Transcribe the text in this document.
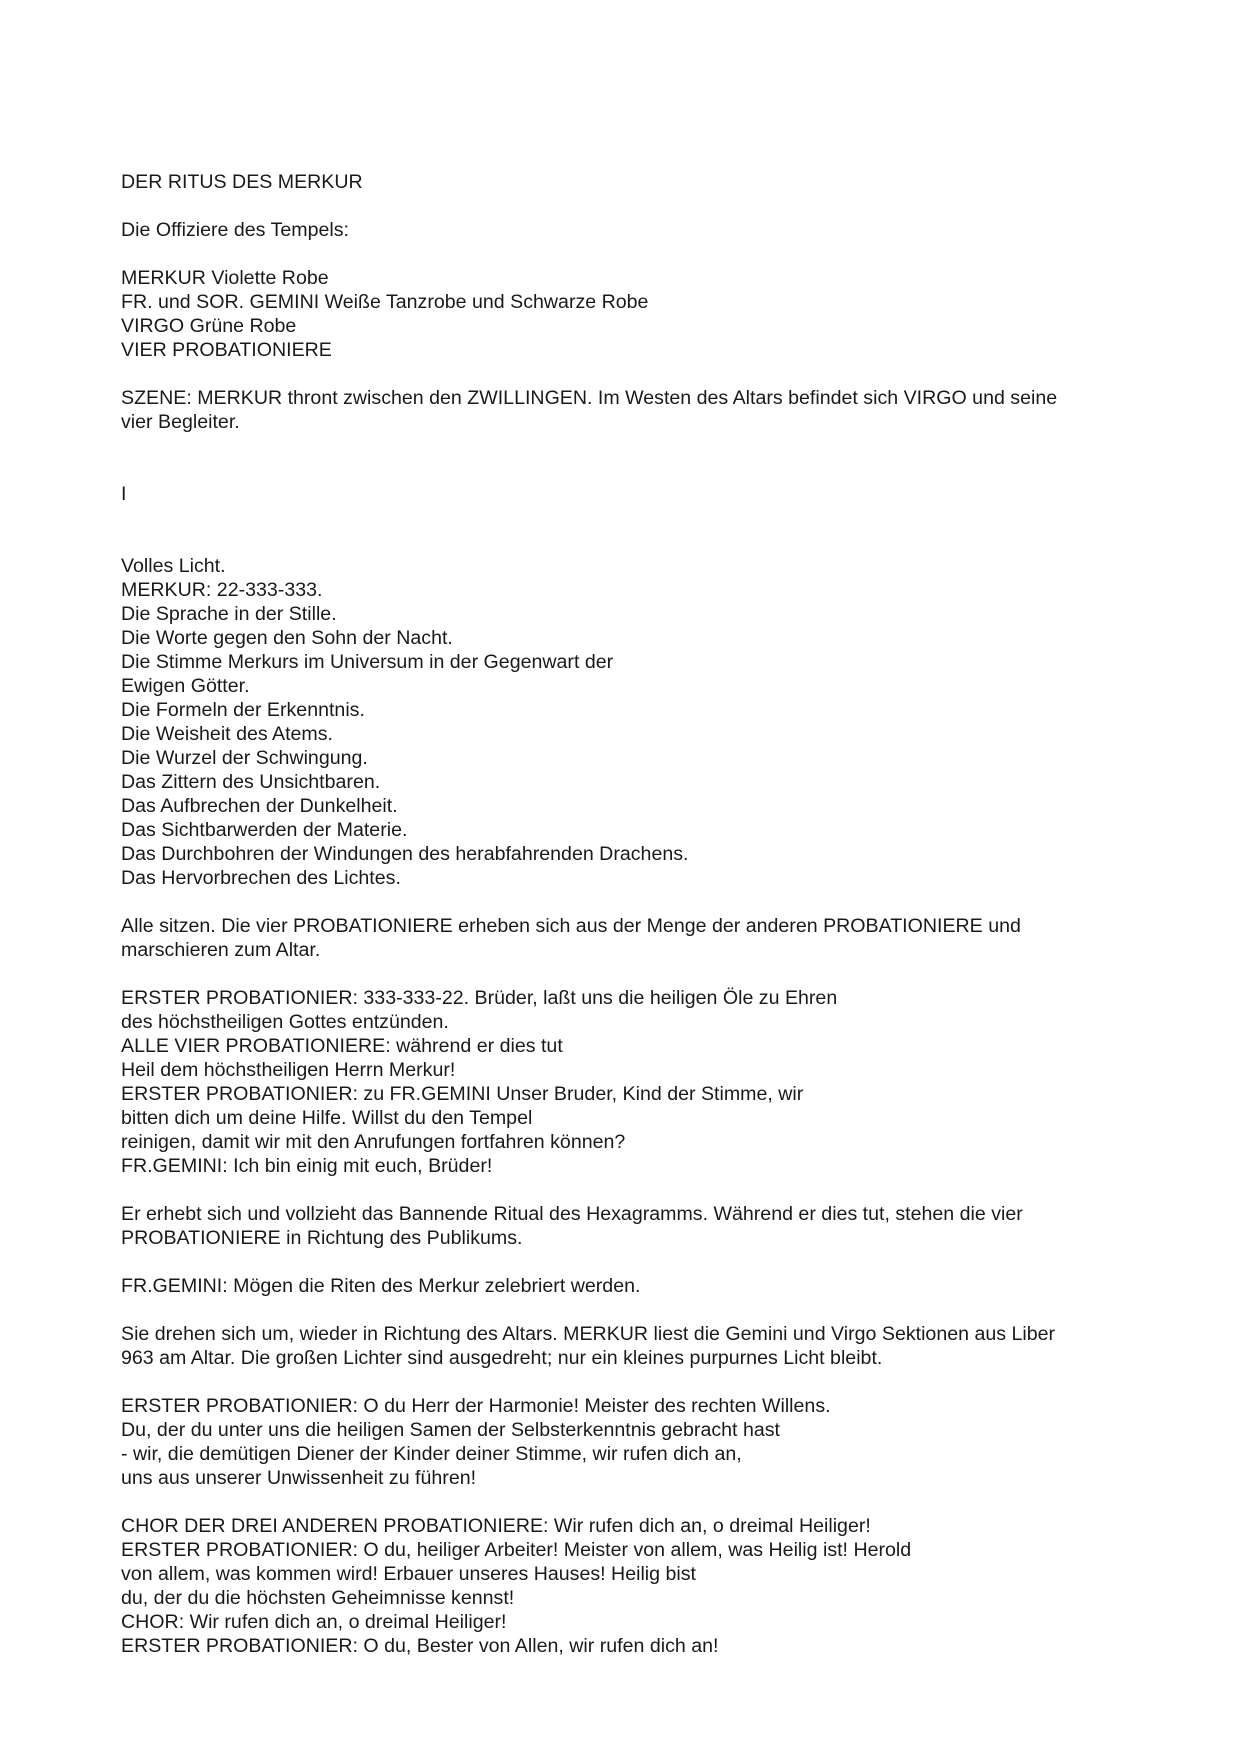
DER RITUS DES MERKUR
Die Offiziere des Tempels:
MERKUR Violette Robe
FR. und SOR. GEMINI Weiße Tanzrobe und Schwarze Robe
VIRGO Grüne Robe
VIER PROBATIONIERE
SZENE: MERKUR thront zwischen den ZWILLINGEN. Im Westen des Altars befindet sich VIRGO und seine
vier Begleiter.
I
Volles Licht.
MERKUR: 22-333-333.
Die Sprache in der Stille.
Die Worte gegen den Sohn der Nacht.
Die Stimme Merkurs im Universum in der Gegenwart der
Ewigen Götter.
Die Formeln der Erkenntnis.
Die Weisheit des Atems.
Die Wurzel der Schwingung.
Das Zittern des Unsichtbaren.
Das Aufbrechen der Dunkelheit.
Das Sichtbarwerden der Materie.
Das Durchbohren der Windungen des herabfahrenden Drachens.
Das Hervorbrechen des Lichtes.
Alle sitzen. Die vier PROBATIONIERE erheben sich aus der Menge der anderen PROBATIONIERE und
marschieren zum Altar.
ERSTER PROBATIONIER: 333-333-22. Brüder, laßt uns die heiligen Öle zu Ehren
des höchstheiligen Gottes entzünden.
ALLE VIER PROBATIONIERE: während er dies tut
Heil dem höchstheiligen Herrn Merkur!
ERSTER PROBATIONIER: zu FR.GEMINI Unser Bruder, Kind der Stimme, wir
bitten dich um deine Hilfe. Willst du den Tempel
reinigen, damit wir mit den Anrufungen fortfahren können?
FR.GEMINI: Ich bin einig mit euch, Brüder!
Er erhebt sich und vollzieht das Bannende Ritual des Hexagramms. Während er dies tut, stehen die vier
PROBATIONIERE in Richtung des Publikums.
FR.GEMINI: Mögen die Riten des Merkur zelebriert werden.
Sie drehen sich um, wieder in Richtung des Altars. MERKUR liest die Gemini und Virgo Sektionen aus Liber
963 am Altar. Die großen Lichter sind ausgedreht; nur ein kleines purpurnes Licht bleibt.
ERSTER PROBATIONIER: O du Herr der Harmonie! Meister des rechten Willens.
Du, der du unter uns die heiligen Samen der Selbsterkenntnis gebracht hast
- wir, die demütigen Diener der Kinder deiner Stimme, wir rufen dich an,
uns aus unserer Unwissenheit zu führen!
CHOR DER DREI ANDEREN PROBATIONIERE: Wir rufen dich an, o dreimal Heiliger!
ERSTER PROBATIONIER: O du, heiliger Arbeiter! Meister von allem, was Heilig ist! Herold
von allem, was kommen wird! Erbauer unseres Hauses! Heilig bist
du, der du die höchsten Geheimnisse kennst!
CHOR: Wir rufen dich an, o dreimal Heiliger!
ERSTER PROBATIONIER: O du, Bester von Allen, wir rufen dich an!
